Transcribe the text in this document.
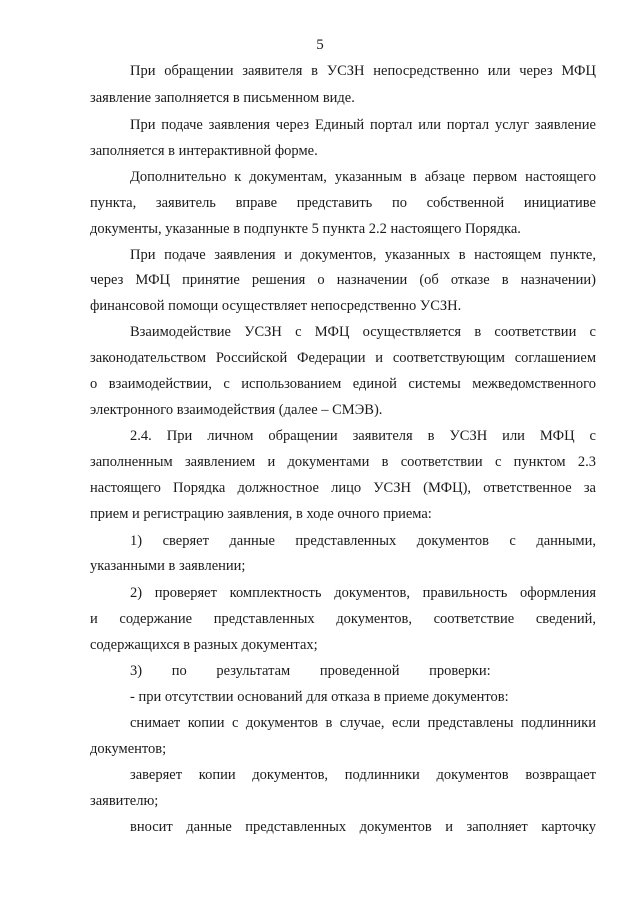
5
При обращении заявителя в УСЗН непосредственно или через МФЦ
заявление заполняется в письменном виде.
При подаче заявления через Единый портал или портал услуг заявление
заполняется в интерактивной форме.
Дополнительно к документам, указанным в абзаце первом настоящего
пункта, заявитель вправе представить по собственной инициативе
документы, указанные в подпункте 5 пункта 2.2 настоящего Порядка.
При подаче заявления и документов, указанных в настоящем пункте,
через МФЦ принятие решения о назначении (об отказе в назначении)
финансовой помощи осуществляет непосредственно УСЗН.
Взаимодействие УСЗН с МФЦ осуществляется в соответствии с
законодательством Российской Федерации и соответствующим соглашением
о взаимодействии, с использованием единой системы межведомственного
электронного взаимодействия (далее – СМЭВ).
2.4. При личном обращении заявителя в УСЗН или МФЦ с
заполненным заявлением и документами в соответствии с пунктом 2.3
настоящего Порядка должностное лицо УСЗН (МФЦ), ответственное за
прием и регистрацию заявления, в ходе очного приема:
1) сверяет данные представленных документов с данными,
указанными в заявлении;
2) проверяет комплектность документов, правильность оформления
и содержание представленных документов, соответствие сведений,
содержащихся в разных документах;
3) по результатам проведенной проверки:
- при отсутствии оснований для отказа в приеме документов:
снимает копии с документов в случае, если представлены подлинники
документов;
заверяет копии документов, подлинники документов возвращает
заявителю;
вносит данные представленных документов и заполняет карточку
